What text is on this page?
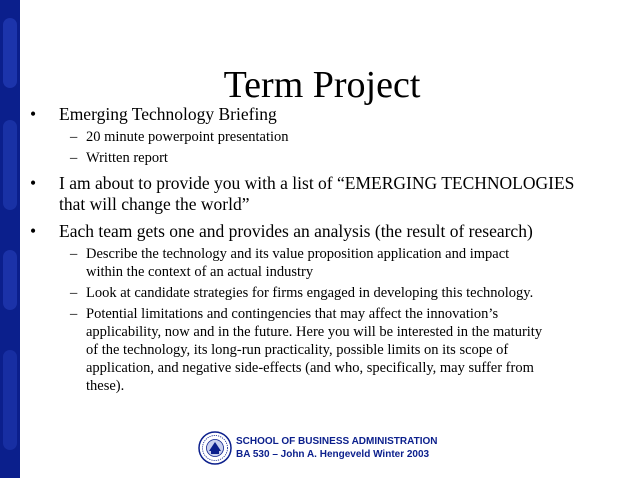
Term Project
• Emerging Technology Briefing
– 20 minute powerpoint presentation
– Written report
• I am about to provide you with a list of “EMERGING TECHNOLOGIES
that will change the world”
• Each team gets one and provides an analysis (the result of research)
– Describe the technology and its value proposition application and impact
within the context of an actual industry
– Look at candidate strategies for firms engaged in developing this technology.
– Potential limitations and contingencies that may affect the innovation’s
applicability, now and in the future. Here you will be interested in the maturity
of the technology, its long-run practicality, possible limits on its scope of
application, and negative side-effects (and who, specifically, may suffer from
these).
SCHOOL OF BUSINESS ADMINISTRATION
BA 530 – John A. Hengeveld Winter 2003
